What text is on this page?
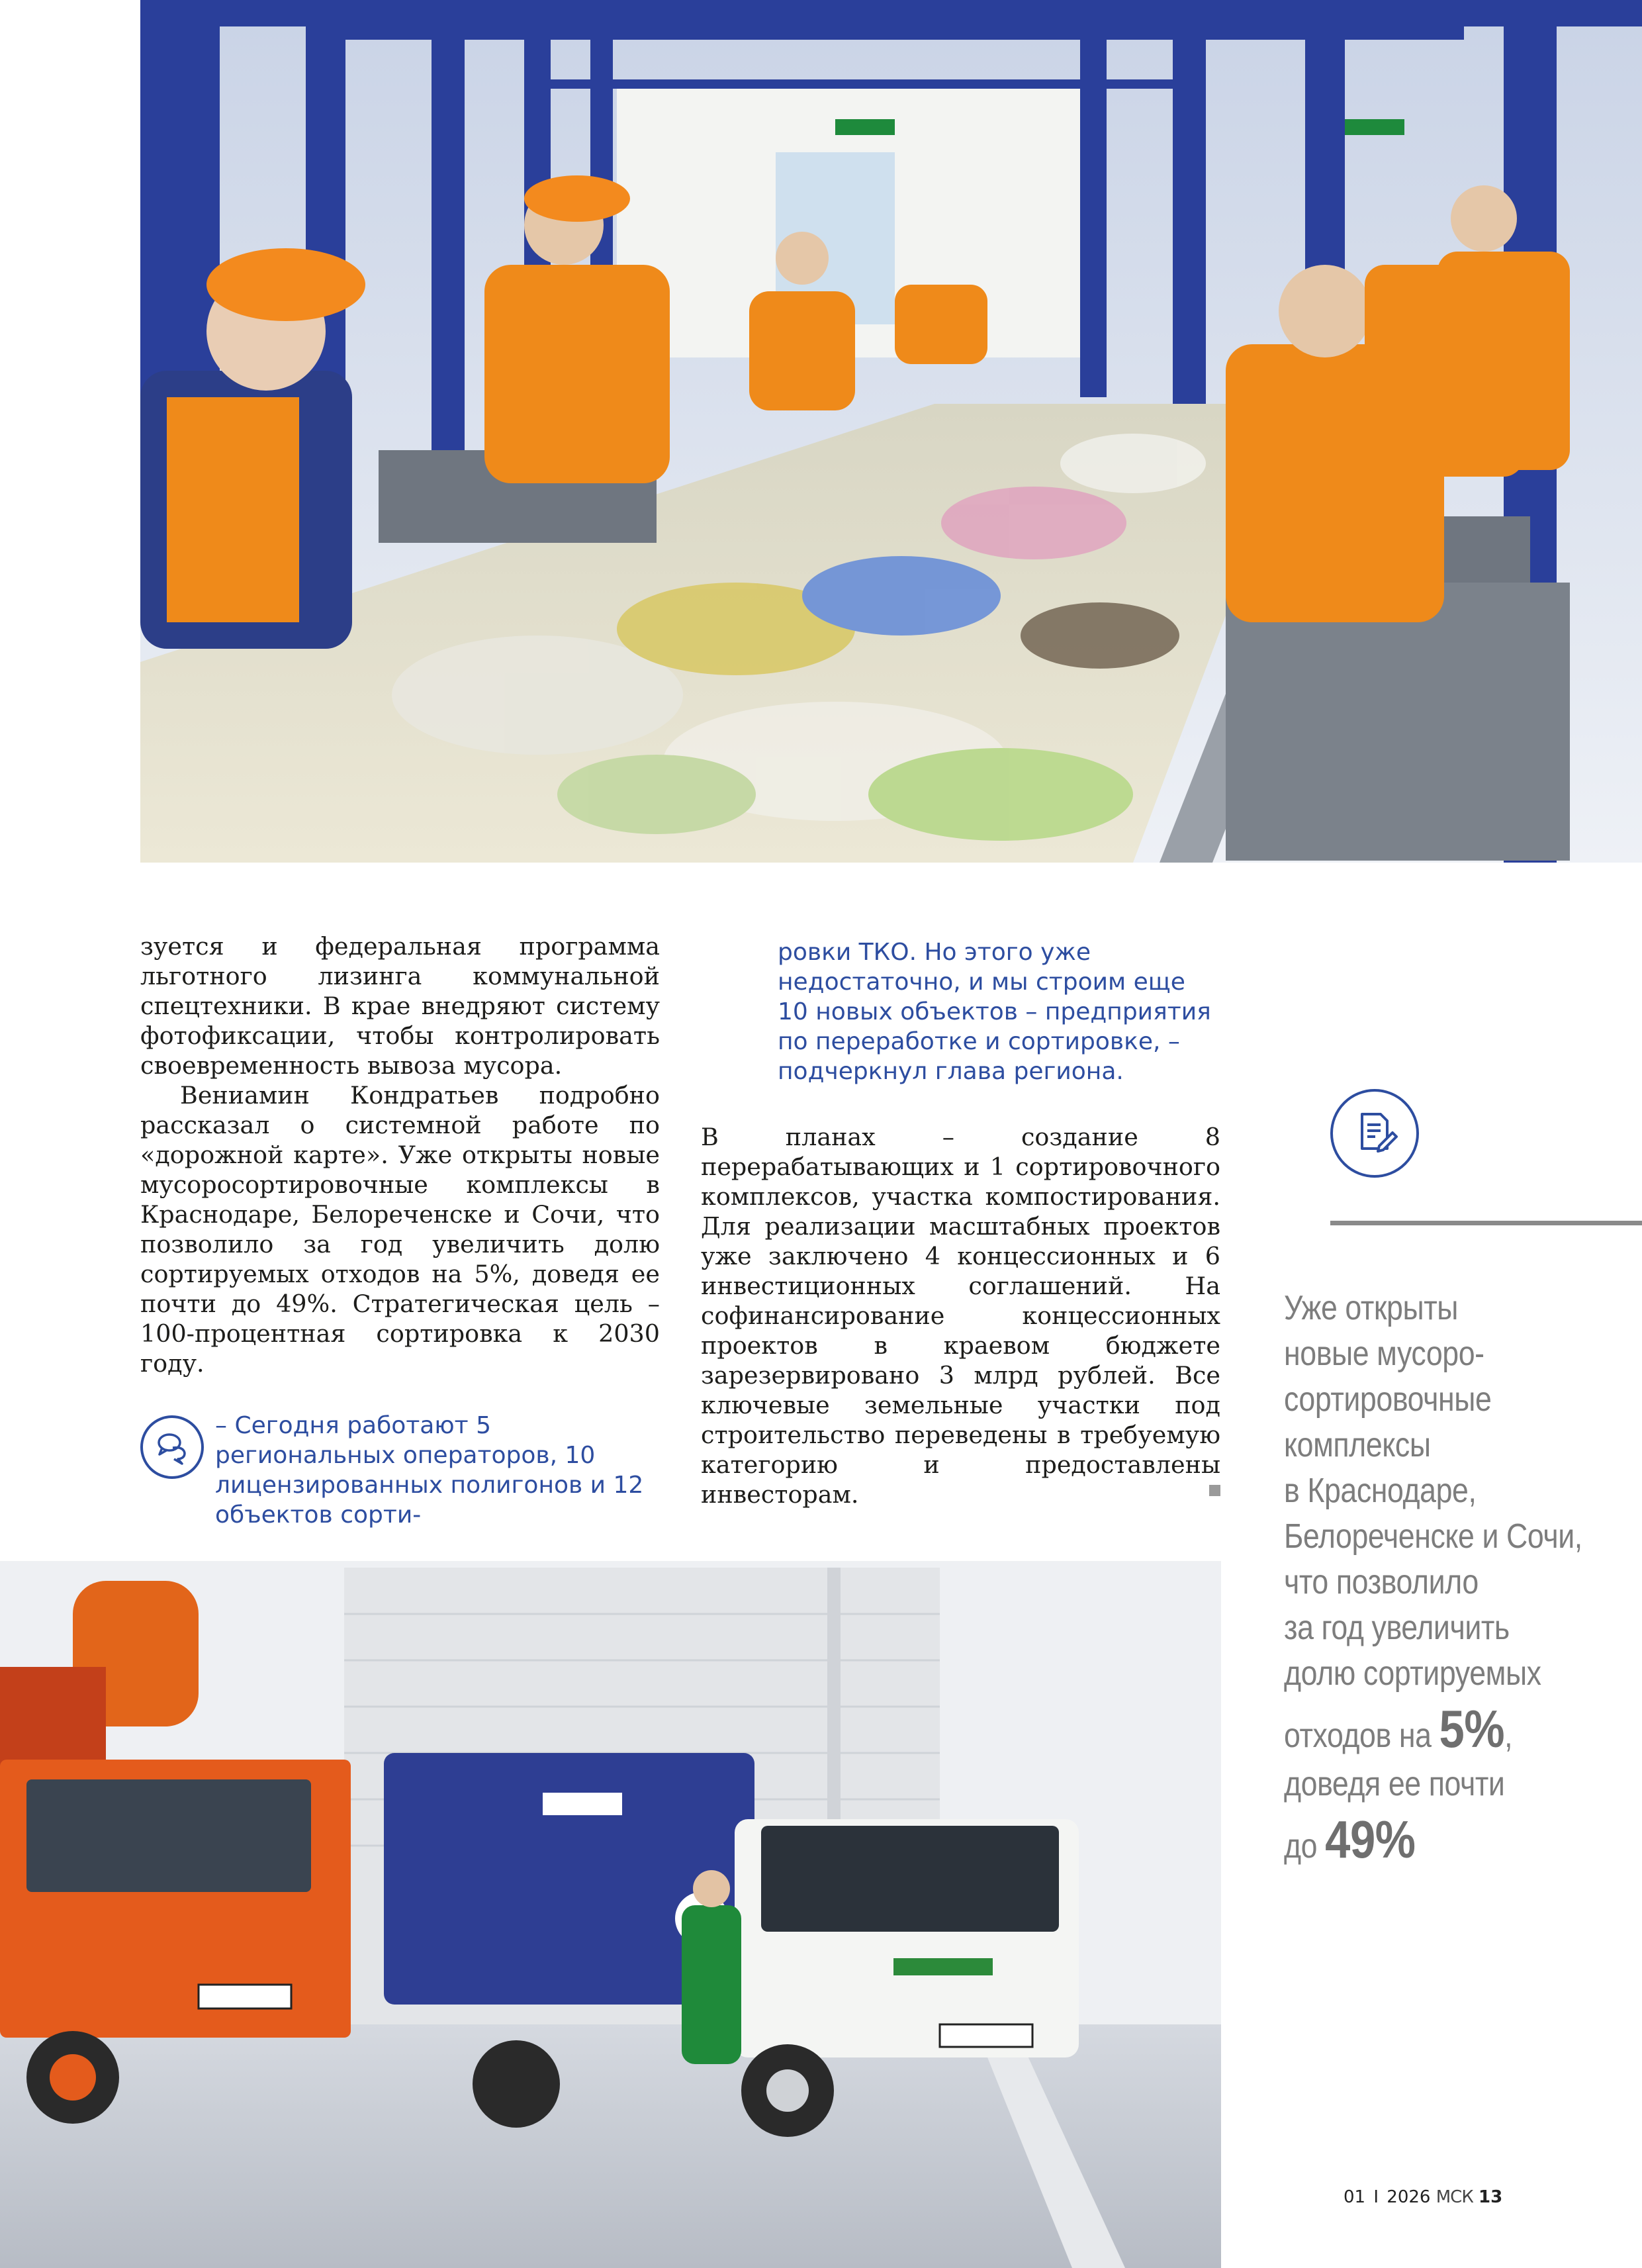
зуется и федеральная программа льготного лизинга коммунальной спецтехники. В крае внедряют систему фотофиксации, чтобы контролировать своевременность вывоза мусора.

Вениамин Кондратьев подробно рассказал о системной работе по «дорожной карте». Уже открыты новые мусоросортировочные комплексы в Краснодаре, Белореченске и Сочи, что позволило за год увеличить долю сортируемых отходов на 5%, доведя ее почти до 49%. Стратегическая цель – 100-процентная сортировка к 2030 году.

– Сегодня работают 5 региональных операторов, 10 лицензированных полигонов и 12 объектов сорти-

ровки ТКО. Но этого уже недостаточно, и мы строим еще 10 новых объектов – предприятия по переработке и сортировке, – подчеркнул глава региона.

В планах – создание 8 перерабатывающих и 1 сортировочного комплексов, участка компостирования. Для реализации масштабных проектов уже заключено 4 концессионных и 6 инвестиционных соглашений. На софинансирование концессионных проектов в краевом бюджете зарезервировано 3 млрд рублей. Все ключевые земельные участки под строительство переведены в требуемую категорию и предоставлены инвесторам.

Уже открыты
новые мусоро-
сортировочные
комплексы
в Краснодаре,
Белореченске и Сочи,
что позволило
за год увеличить
долю сортируемых
отходов на 5%,
доведя ее почти
до 49%
01 I 2026 МСК 13
